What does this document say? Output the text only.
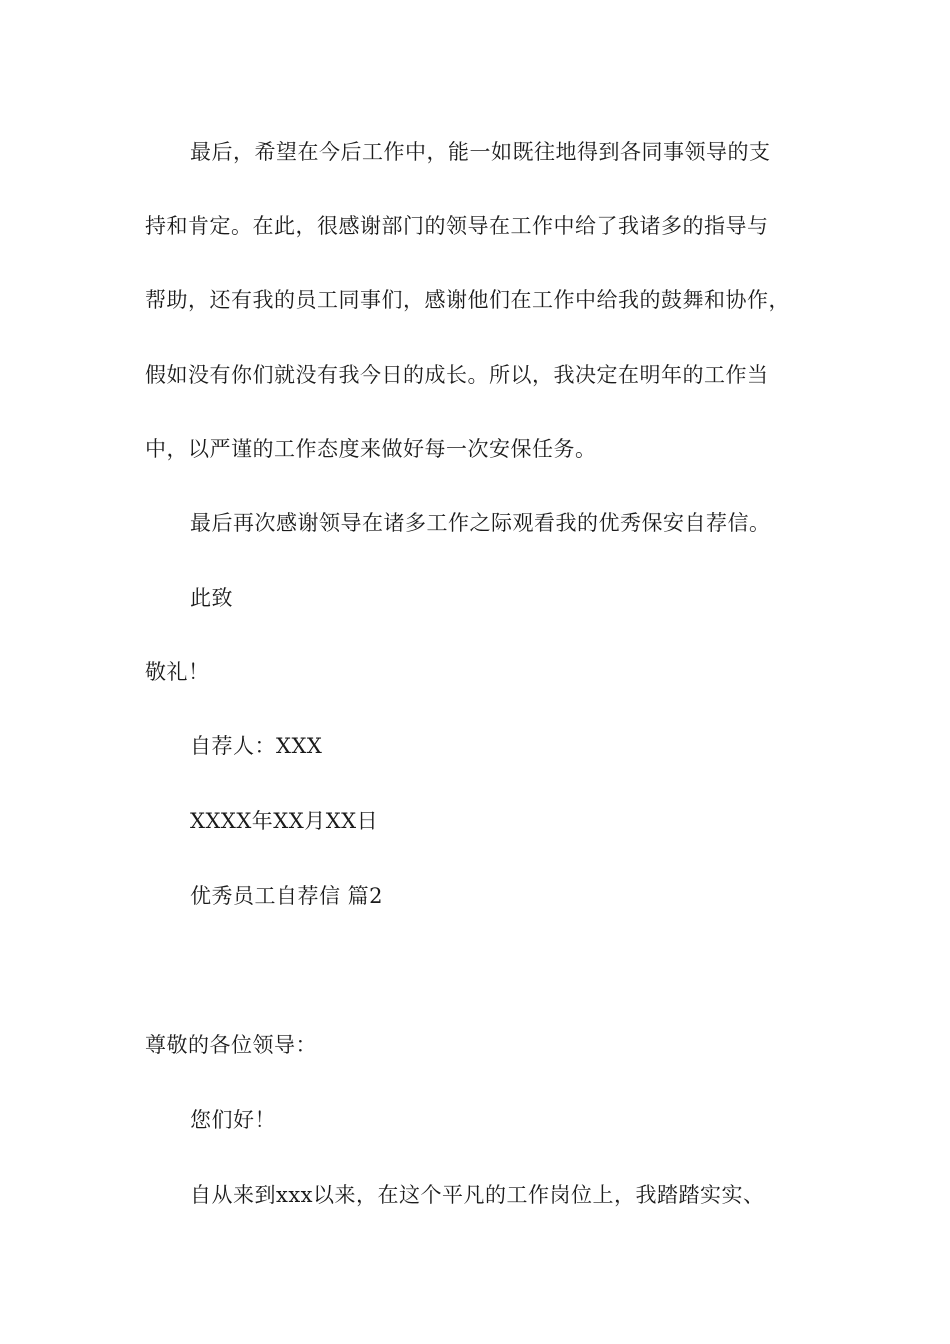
最后，希望在今后工作中，能一如既往地得到各同事领导的支
持和肯定。在此，很感谢部门的领导在工作中给了我诸多的指导与
帮助，还有我的员工同事们，感谢他们在工作中给我的鼓舞和协作，
假如没有你们就没有我今日的成长。所以，我决定在明年的工作当
中，以严谨的工作态度来做好每一次安保任务。
最后再次感谢领导在诸多工作之际观看我的优秀保安自荐信。
此致
敬礼！
自荐人：XXX
XXXX年XX月XX日
优秀员工自荐信 篇2
尊敬的各位领导：
您们好！
自从来到xxx以来，在这个平凡的工作岗位上，我踏踏实实、
